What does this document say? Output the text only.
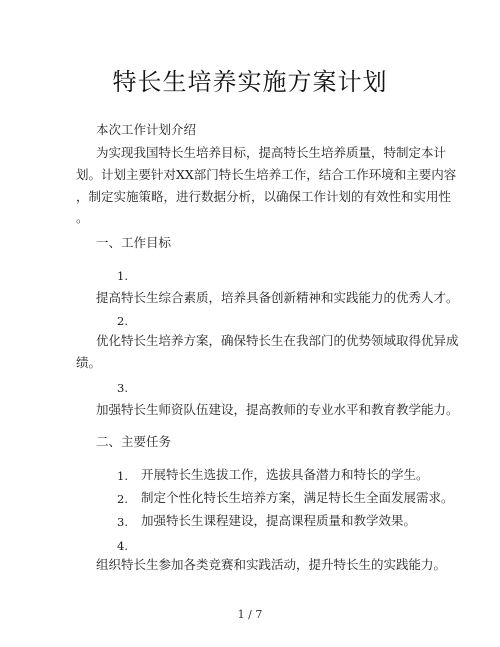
特长生培养实施方案计划
本次工作计划介绍
为实现我国特长生培养目标，提高特长生培养质量，特制定本计
划。计划主要针对XX部门特长生培养工作，结合工作环境和主要内容
，制定实施策略，进行数据分析，以确保工作计划的有效性和实用性
。
一、工作目标
1.
提高特长生综合素质，培养具备创新精神和实践能力的优秀人才。
2.
优化特长生培养方案，确保特长生在我部门的优势领域取得优异成
绩。
3.
加强特长生师资队伍建设，提高教师的专业水平和教育教学能力。
二、主要任务
1. 开展特长生选拔工作，选拔具备潜力和特长的学生。
2. 制定个性化特长生培养方案，满足特长生全面发展需求。
3. 加强特长生课程建设，提高课程质量和教学效果。
4.
组织特长生参加各类竞赛和实践活动，提升特长生的实践能力。
1 / 7
